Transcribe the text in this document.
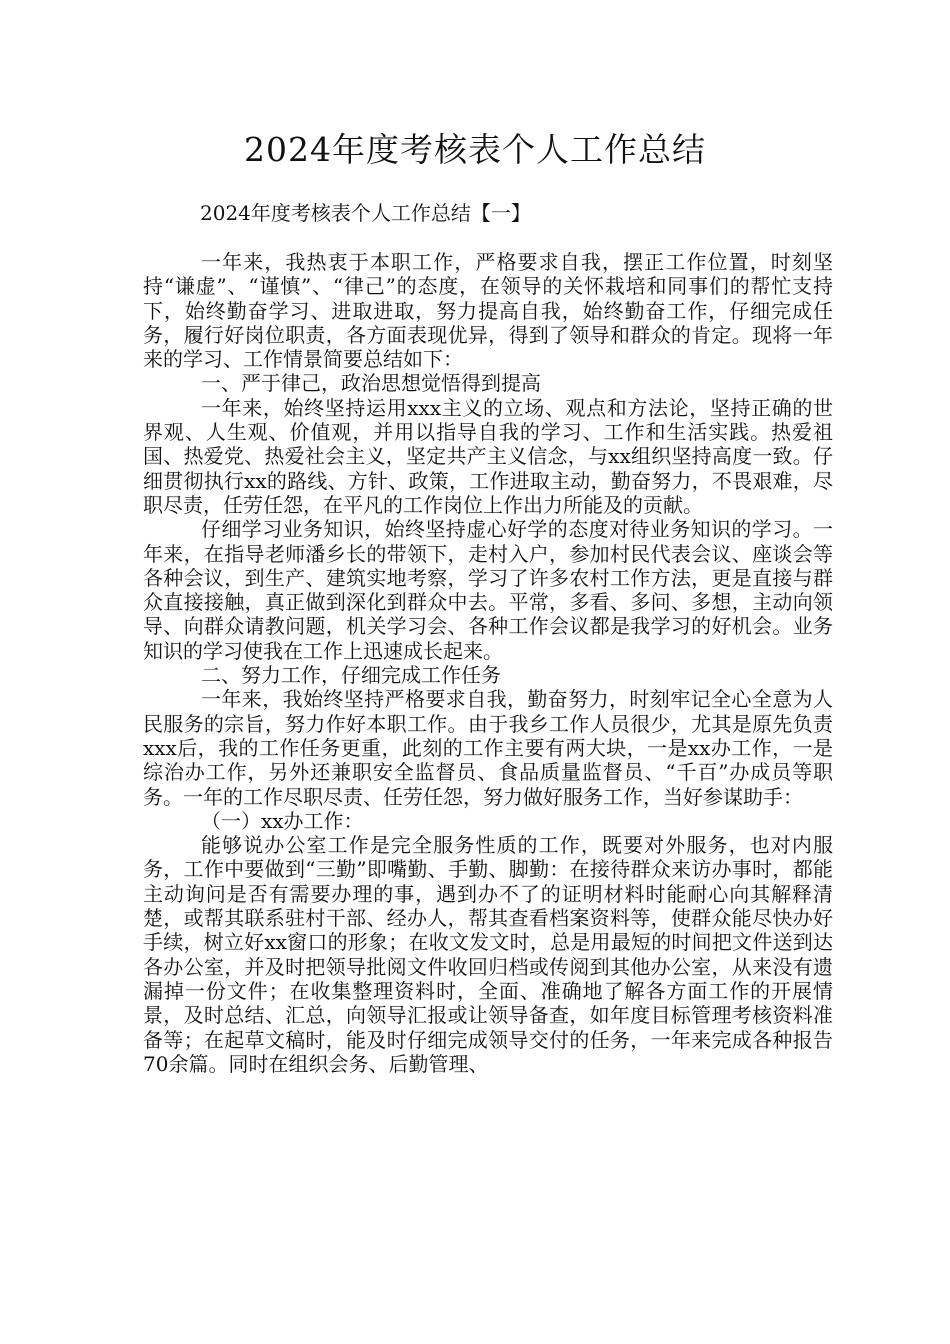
2024年度考核表个人工作总结
2024年度考核表个人工作总结【一】

一年来，我热衷于本职工作，严格要求自我，摆正工作位置，时刻坚持“谦虚”、“谨慎”、“律己”的态度，在领导的关怀栽培和同事们的帮忙支持下，始终勤奋学习、进取进取，努力提高自我，始终勤奋工作，仔细完成任务，履行好岗位职责，各方面表现优异，得到了领导和群众的肯定。现将一年来的学习、工作情景简要总结如下：

一、严于律己，政治思想觉悟得到提高

一年来，始终坚持运用xxx主义的立场、观点和方法论，坚持正确的世界观、人生观、价值观，并用以指导自我的学习、工作和生活实践。热爱祖国、热爱党、热爱社会主义，坚定共产主义信念，与xx组织坚持高度一致。仔细贯彻执行xx的路线、方针、政策，工作进取主动，勤奋努力，不畏艰难，尽职尽责，任劳任怨，在平凡的工作岗位上作出力所能及的贡献。

仔细学习业务知识，始终坚持虚心好学的态度对待业务知识的学习。一年来，在指导老师潘乡长的带领下，走村入户，参加村民代表会议、座谈会等各种会议，到生产、建筑实地考察，学习了许多农村工作方法，更是直接与群众直接接触，真正做到深化到群众中去。平常，多看、多问、多想，主动向领导、向群众请教问题，机关学习会、各种工作会议都是我学习的好机会。业务知识的学习使我在工作上迅速成长起来。

二、努力工作，仔细完成工作任务

一年来，我始终坚持严格要求自我，勤奋努力，时刻牢记全心全意为人民服务的宗旨，努力作好本职工作。由于我乡工作人员很少，尤其是原先负责xxx后，我的工作任务更重，此刻的工作主要有两大块，一是xx办工作，一是综治办工作，另外还兼职安全监督员、食品质量监督员、“千百”办成员等职务。一年的工作尽职尽责、任劳任怨，努力做好服务工作，当好参谋助手：

（一）xx办工作：

能够说办公室工作是完全服务性质的工作，既要对外服务，也对内服务，工作中要做到“三勤”即嘴勤、手勤、脚勤：在接待群众来访办事时，都能主动询问是否有需要办理的事，遇到办不了的证明材料时能耐心向其解释清楚，或帮其联系驻村干部、经办人，帮其查看档案资料等，使群众能尽快办好手续，树立好xx窗口的形象；在收文发文时，总是用最短的时间把文件送到达各办公室，并及时把领导批阅文件收回归档或传阅到其他办公室，从来没有遗漏掉一份文件；在收集整理资料时，全面、准确地了解各方面工作的开展情景，及时总结、汇总，向领导汇报或让领导备查，如年度目标管理考核资料准备等；在起草文稿时，能及时仔细完成领导交付的任务，一年来完成各种报告70余篇。同时在组织会务、后勤管理、
